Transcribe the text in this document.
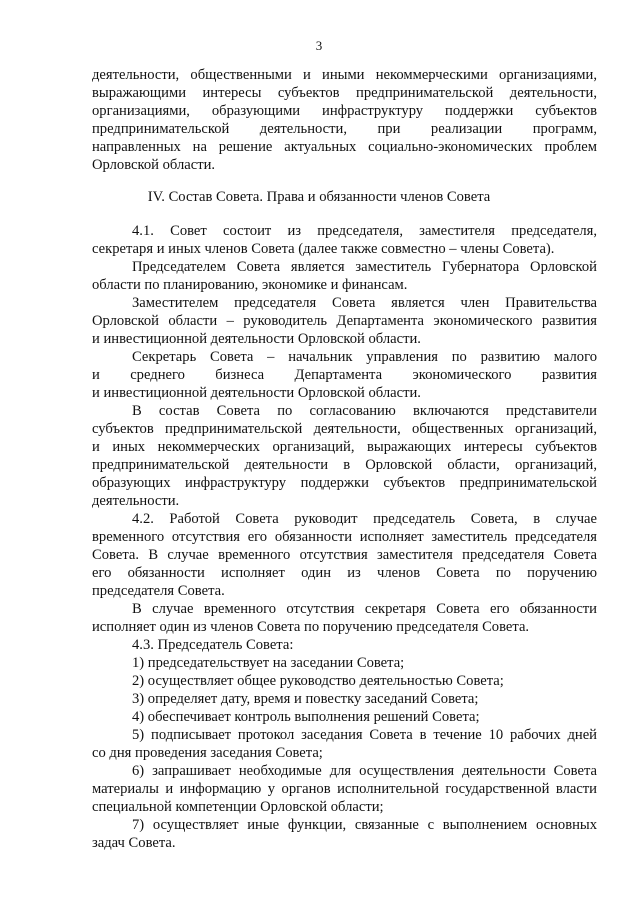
3
деятельности, общественными и иными некоммерческими организациями,
выражающими интересы субъектов предпринимательской деятельности,
организациями, образующими инфраструктуру поддержки субъектов
предпринимательской деятельности, при реализации программ,
направленных на решение актуальных социально-экономических проблем
Орловской области.
IV. Состав Совета. Права и обязанности членов Совета
4.1. Совет состоит из председателя, заместителя председателя,
секретаря и иных членов Совета (далее также совместно – члены Совета).
Председателем Совета является заместитель Губернатора Орловской
области по планированию, экономике и финансам.
Заместителем председателя Совета является член Правительства
Орловской области – руководитель Департамента экономического развития
и инвестиционной деятельности Орловской области.
Секретарь Совета – начальник управления по развитию малого
и среднего бизнеса Департамента экономического развития
и инвестиционной деятельности Орловской области.
В состав Совета по согласованию включаются представители
субъектов предпринимательской деятельности, общественных организаций,
и иных некоммерческих организаций, выражающих интересы субъектов
предпринимательской деятельности в Орловской области, организаций,
образующих инфраструктуру поддержки субъектов предпринимательской
деятельности.
4.2. Работой Совета руководит председатель Совета, в случае
временного отсутствия его обязанности исполняет заместитель председателя
Совета. В случае временного отсутствия заместителя председателя Совета
его обязанности исполняет один из членов Совета по поручению
председателя Совета.
В случае временного отсутствия секретаря Совета его обязанности
исполняет один из членов Совета по поручению председателя Совета.
4.3. Председатель Совета:
1) председательствует на заседании Совета;
2) осуществляет общее руководство деятельностью Совета;
3) определяет дату, время и повестку заседаний Совета;
4) обеспечивает контроль выполнения решений Совета;
5) подписывает протокол заседания Совета в течение 10 рабочих дней
со дня проведения заседания Совета;
6) запрашивает необходимые для осуществления деятельности Совета
материалы и информацию у органов исполнительной государственной власти
специальной компетенции Орловской области;
7) осуществляет иные функции, связанные с выполнением основных
задач Совета.
